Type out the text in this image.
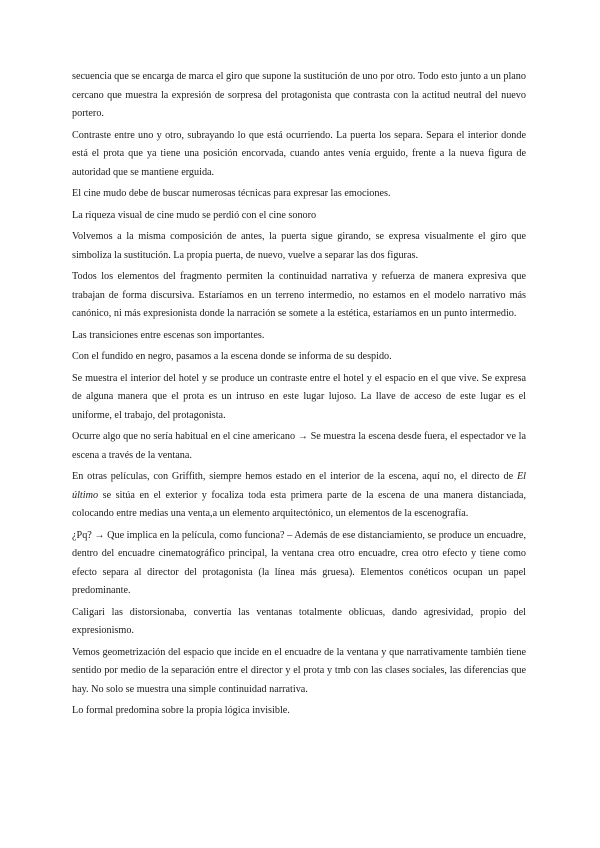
secuencia que se encarga de marca el giro que supone la sustitución de uno por otro. Todo esto junto a un plano cercano que muestra la expresión de sorpresa del protagonista que contrasta con la actitud neutral del nuevo portero.

Contraste entre uno y otro, subrayando lo que está ocurriendo. La puerta los separa. Separa el interior donde está el prota que ya tiene una posición encorvada, cuando antes venía erguido, frente a la nueva figura de autoridad que se mantiene erguida.

El cine mudo debe de buscar numerosas técnicas para expresar las emociones.

La riqueza visual de cine mudo se perdió con el cine sonoro

Volvemos a la misma composición de antes, la puerta sigue girando, se expresa visualmente el giro que simboliza la sustitución. La propia puerta, de nuevo, vuelve a separar las dos figuras.

Todos los elementos del fragmento permiten la continuidad narrativa y refuerza de manera expresiva que trabajan de forma discursiva. Estaríamos en un terreno intermedio, no estamos en el modelo narrativo más canónico, ni más expresionista donde la narración se somete a la estética, estaríamos en un punto intermedio.

Las transiciones entre escenas son importantes.

Con el fundido en negro, pasamos a la escena donde se informa de su despido.

Se muestra el interior del hotel y se produce un contraste entre el hotel y el espacio en el que vive. Se expresa de alguna manera que el prota es un intruso en este lugar lujoso. La llave de acceso de este lugar es el uniforme, el trabajo, del protagonista.

Ocurre algo que no sería habitual en el cine americano → Se muestra la escena desde fuera, el espectador ve la escena a través de la ventana.

En otras películas, con Griffith, siempre hemos estado en el interior de la escena, aquí no, el directo de El último se sitúa en el exterior y focaliza toda esta primera parte de la escena de una manera distanciada, colocando entre medias una venta,a un elemento arquitectónico, un elementos de la escenografía.

¿Pq? → Que implica en la película, como funciona? – Además de ese distanciamiento, se produce un encuadre, dentro del encuadre cinematográfico principal, la ventana crea otro encuadre, crea otro efecto y tiene como efecto separa al director del protagonista (la línea más gruesa). Elementos conéticos ocupan un papel predominante.

Caligari las distorsionaba, convertía las ventanas totalmente oblicuas, dando agresividad, propio del expresionismo.

Vemos geometrización del espacio que incide en el encuadre de la ventana y que narrativamente también tiene sentido por medio de la separación entre el director y el prota y tmb con las clases sociales, las diferencias que hay. No solo se muestra una simple continuidad narrativa.

Lo formal predomina sobre la propia lógica invisible.
